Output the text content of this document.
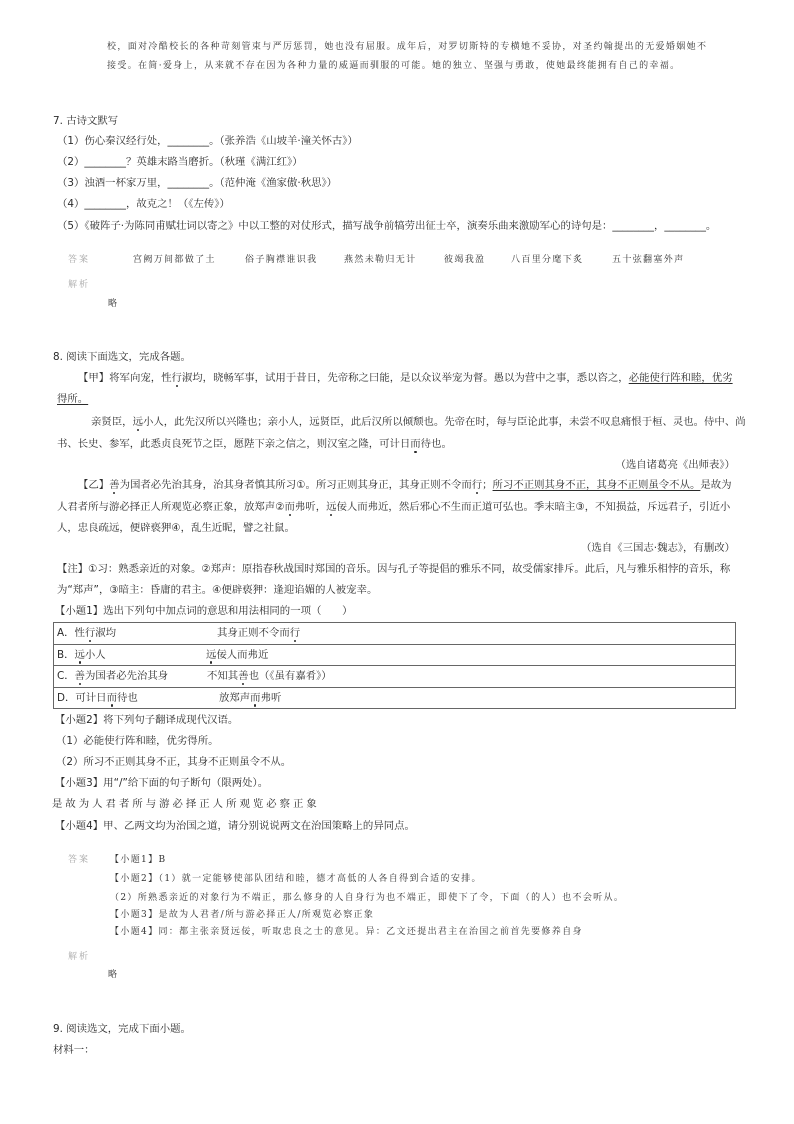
校，面对冷酷校长的各种苛刻管束与严厉惩罚，她也没有屈服。成年后，对罗切斯特的专横她不妥协，对圣约翰提出的无爱婚姻她不
接受。在简·爱身上，从来就不存在因为各种力量的威逼而驯服的可能。她的独立、坚强与勇敢，使她最终能拥有自己的幸福。
7. 古诗文默写
（1）伤心秦汉经行处，________。（张养浩《山坡羊·潼关怀古》）
（2）________？英雄末路当磨折。（秋瑾《满江红》）
（3）浊酒一杯家万里，________。（范仲淹《渔家傲·秋思》）
（4）________，故克之！（《左传》）
（5）《破阵子·为陈同甫赋壮词以寄之》中以工整的对仗形式，描写战争前犒劳出征士卒，演奏乐曲来激励军心的诗句是：________，________。
答案	宫阙万间都做了土	俗子胸襟谁识我	燕然未勒归无计	彼竭我盈	八百里分麾下炙	五十弦翻塞外声
解析
略
8. 阅读下面选文，完成各题。
【甲】将军向宠，性行淑均，晓畅军事，试用于昔日，先帝称之曰能，是以众议举宠为督。愚以为营中之事，悉以咨之，必能使行阵和睦，优劣
得所。
亲贤臣，远小人，此先汉所以兴隆也；亲小人，远贤臣，此后汉所以倾颓也。先帝在时，每与臣论此事，未尝不叹息痛恨于桓、灵也。侍中、尚
书、长史、参军，此悉贞良死节之臣，愿陛下亲之信之，则汉室之隆，可计日而待也。
（选自诸葛亮《出师表》）
【乙】善为国者必先治其身，治其身者慎其所习①。所习正则其身正，其身正则不令而行；所习不正则其身不正，其身不正则虽令不从。是故为
人君者所与游必择正人所观览必察正象，放郑声②而弗听，远佞人而弗近，然后邪心不生而正道可弘也。季末暗主③，不知损益，斥远君子，引近小
人，忠良疏远，便辟亵狎④，乱生近昵，譬之社鼠。
（选自《三国志·魏志》，有删改）
【注】①习：熟悉亲近的对象。②郑声：原指春秋战国时郑国的音乐。因与孔子等提倡的雅乐不同，故受儒家排斥。此后，凡与雅乐相悖的音乐，称
为“郑声”，③暗主：昏庸的君主。④便辟亵狎：逢迎谄媚的人被宠幸。
【小题1】选出下列句中加点词的意思和用法相同的一项（　　）
A．性行淑均	其身正则不令而行
B．远小人	远佞人而弗近
C．善为国者必先治其身	不知其善也（《虽有嘉肴》）
D．可计日而待也	放郑声而弗听
【小题2】将下列句子翻译成现代汉语。
（1）必能使行阵和睦，优劣得所。
（2）所习不正则其身不正，其身不正则虽令不从。
【小题3】用“/”给下面的句子断句（限两处）。
是故为人君者所与游必择正人所观览必察正象
【小题4】甲、乙两文均为治国之道，请分别说说两文在治国策略上的异同点。
答案 【小题1】B
【小题2】（1）就一定能够使部队团结和睦，德才高低的人各自得到合适的安排。
（2）所熟悉亲近的对象行为不端正，那么修身的人自身行为也不端正，即使下了令，下面（的人）也不会听从。
【小题3】是故为人君者/所与游必择正人/所观览必察正象
【小题4】同：都主张亲贤远佞，听取忠良之士的意见。异：乙文还提出君主在治国之前首先要修养自身
解析
略
9. 阅读选文，完成下面小题。
材料一：
